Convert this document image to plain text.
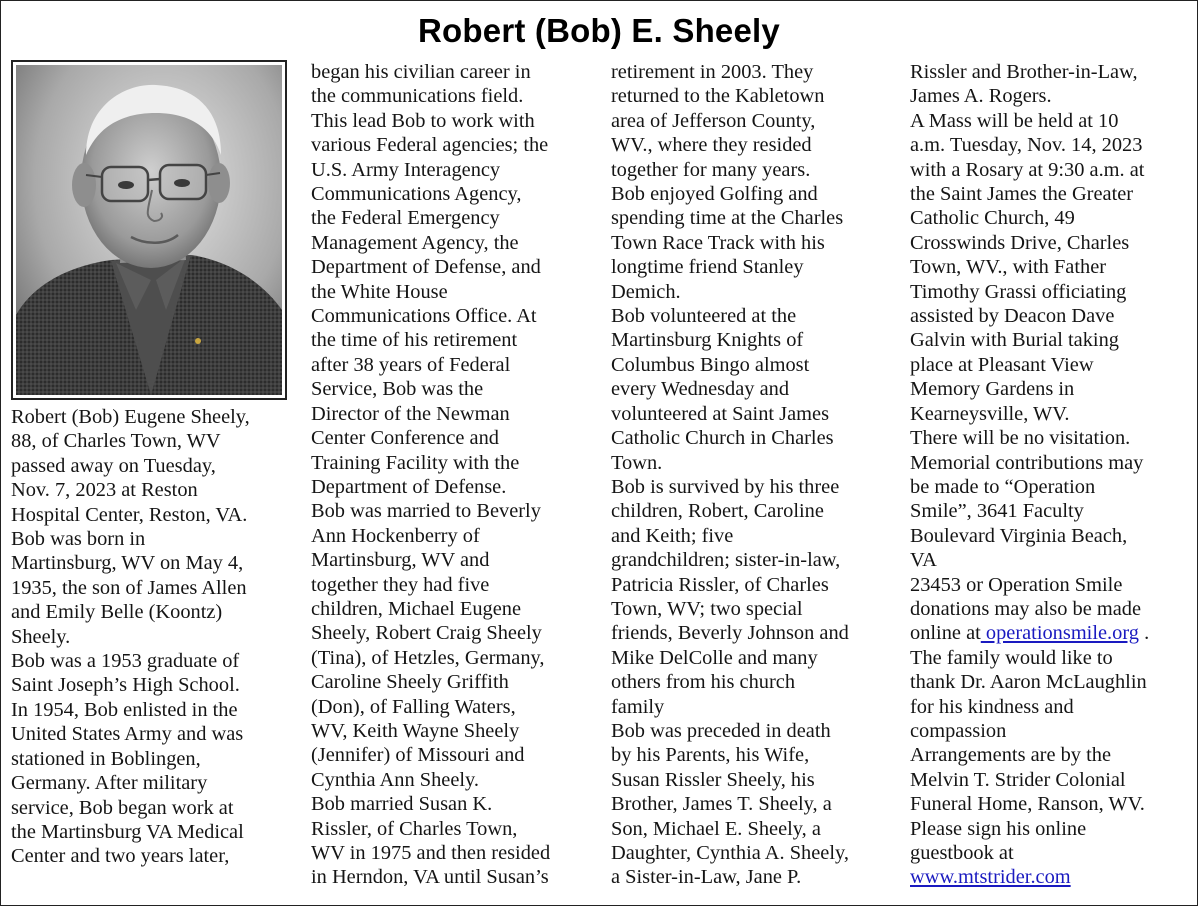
Robert (Bob) E. Sheely

Robert (Bob) Eugene Sheely,

88, of Charles Town, WV

passed away on Tuesday,

Nov. 7, 2023 at Reston

Hospital Center, Reston, VA.

Bob was born in

Martinsburg, WV on May 4,

1935, the son of James Allen

and Emily Belle (Koontz)

Sheely.

Bob was a 1953 graduate of

Saint Joseph’s High School.

In 1954, Bob enlisted in the

United States Army and was

stationed in Boblingen,

Germany. After military

service, Bob began work at

the Martinsburg VA Medical

Center and two years later,

began his civilian career in

the communications field.

This lead Bob to work with

various Federal agencies; the

U.S. Army Interagency

Communications Agency,

the Federal Emergency

Management Agency, the

Department of Defense, and

the White House

Communications Office. At

the time of his retirement

after 38 years of Federal

Service, Bob was the

Director of the Newman

Center Conference and

Training Facility with the

Department of Defense.

Bob was married to Beverly

Ann Hockenberry of

Martinsburg, WV and

together they had five

children, Michael Eugene

Sheely, Robert Craig Sheely

(Tina), of Hetzles, Germany,

Caroline Sheely Griffith

(Don), of Falling Waters,

WV, Keith Wayne Sheely

(Jennifer) of Missouri and

Cynthia Ann Sheely.

Bob married Susan K.

Rissler, of Charles Town,

WV in 1975 and then resided

in Herndon, VA until Susan’s

retirement in 2003. They

returned to the Kabletown

area of Jefferson County,

WV., where they resided

together for many years.

Bob enjoyed Golfing and

spending time at the Charles

Town Race Track with his

longtime friend Stanley

Demich.

Bob volunteered at the

Martinsburg Knights of

Columbus Bingo almost

every Wednesday and

volunteered at Saint James

Catholic Church in Charles

Town.

Bob is survived by his three

children, Robert, Caroline

and Keith; five

grandchildren; sister-in-law,

Patricia Rissler, of Charles

Town, WV; two special

friends, Beverly Johnson and

Mike DelColle and many

others from his church

family

Bob was preceded in death

by his Parents, his Wife,

Susan Rissler Sheely, his

Brother, James T. Sheely, a

Son, Michael E. Sheely, a

Daughter, Cynthia A. Sheely,

a Sister-in-Law, Jane P.

Rissler and Brother-in-Law,

James A. Rogers.

A Mass will be held at 10

a.m. Tuesday, Nov. 14, 2023

with a Rosary at 9:30 a.m. at

the Saint James the Greater

Catholic Church, 49

Crosswinds Drive, Charles

Town, WV., with Father

Timothy Grassi officiating

assisted by Deacon Dave

Galvin with Burial taking

place at Pleasant View

Memory Gardens in

Kearneysville, WV.

There will be no visitation.

Memorial contributions may

be made to “Operation

Smile”, 3641 Faculty

Boulevard Virginia Beach,

VA

23453 or Operation Smile

donations may also be made

online at operationsmile.org .

The family would like to

thank Dr. Aaron McLaughlin

for his kindness and

compassion

Arrangements are by the

Melvin T. Strider Colonial

Funeral Home, Ranson, WV.

Please sign his online

guestbook at

www.mtstrider.com
